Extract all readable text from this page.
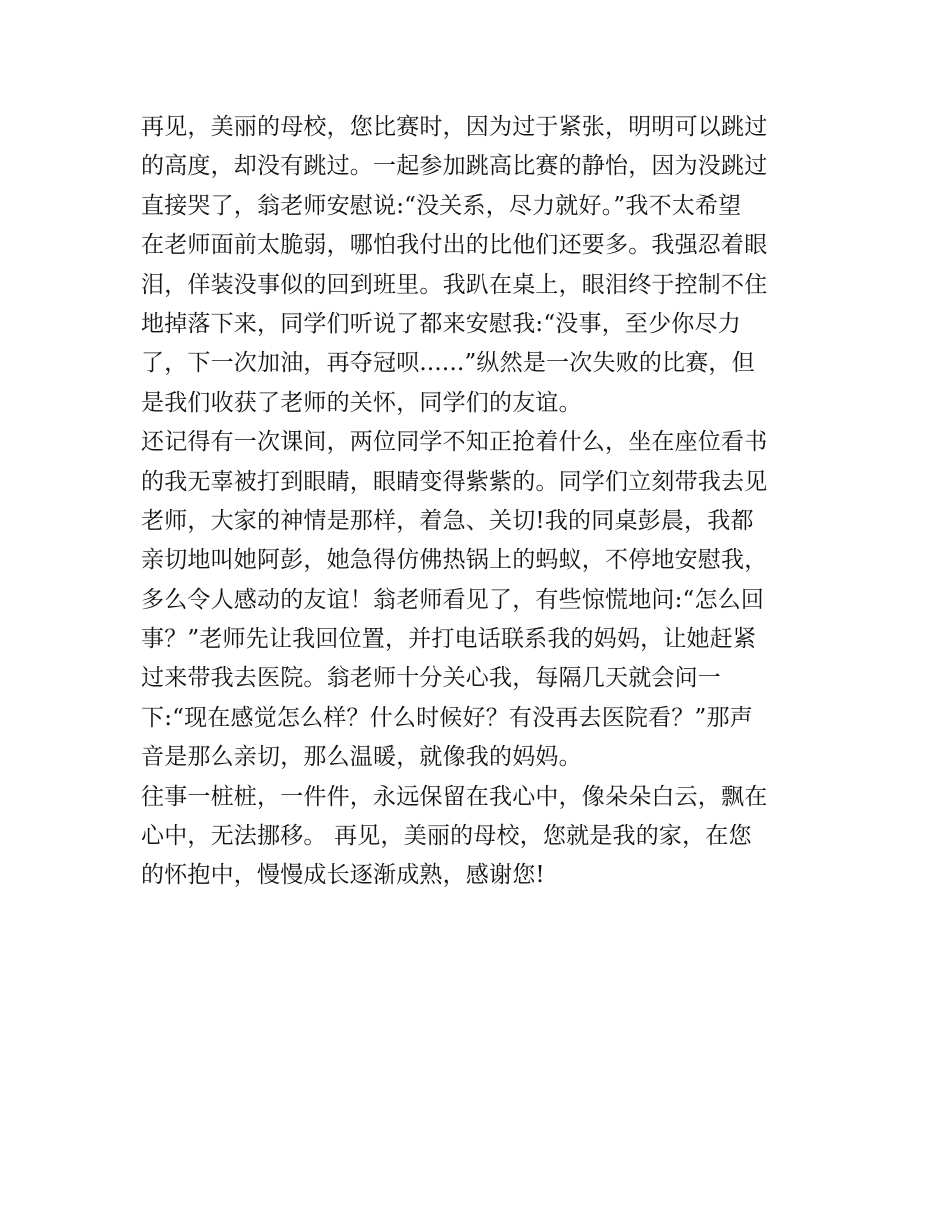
再见，美丽的母校，您比赛时，因为过于紧张，明明可以跳过
的高度，却没有跳过。一起参加跳高比赛的静怡，因为没跳过
直接哭了，翁老师安慰说:“没关系，尽力就好。”我不太希望
在老师面前太脆弱，哪怕我付出的比他们还要多。我强忍着眼
泪，佯装没事似的回到班里。我趴在桌上，眼泪终于控制不住
地掉落下来，同学们听说了都来安慰我:“没事，至少你尽力
了，下一次加油，再夺冠呗......”纵然是一次失败的比赛，但
是我们收获了老师的关怀，同学们的友谊。
还记得有一次课间，两位同学不知正抢着什么，坐在座位看书
的我无辜被打到眼睛，眼睛变得紫紫的。同学们立刻带我去见
老师，大家的神情是那样，着急、关切!我的同桌彭晨，我都
亲切地叫她阿彭，她急得仿佛热锅上的蚂蚁，不停地安慰我，
多么令人感动的友谊！翁老师看见了，有些惊慌地问:“怎么回
事？”老师先让我回位置，并打电话联系我的妈妈，让她赶紧
过来带我去医院。翁老师十分关心我，每隔几天就会问一
下:“现在感觉怎么样？什么时候好？有没再去医院看？”那声
音是那么亲切，那么温暖，就像我的妈妈。
往事一桩桩，一件件，永远保留在我心中，像朵朵白云，飘在
心中，无法挪移。 再见，美丽的母校，您就是我的家，在您
的怀抱中，慢慢成长逐渐成熟，感谢您!
